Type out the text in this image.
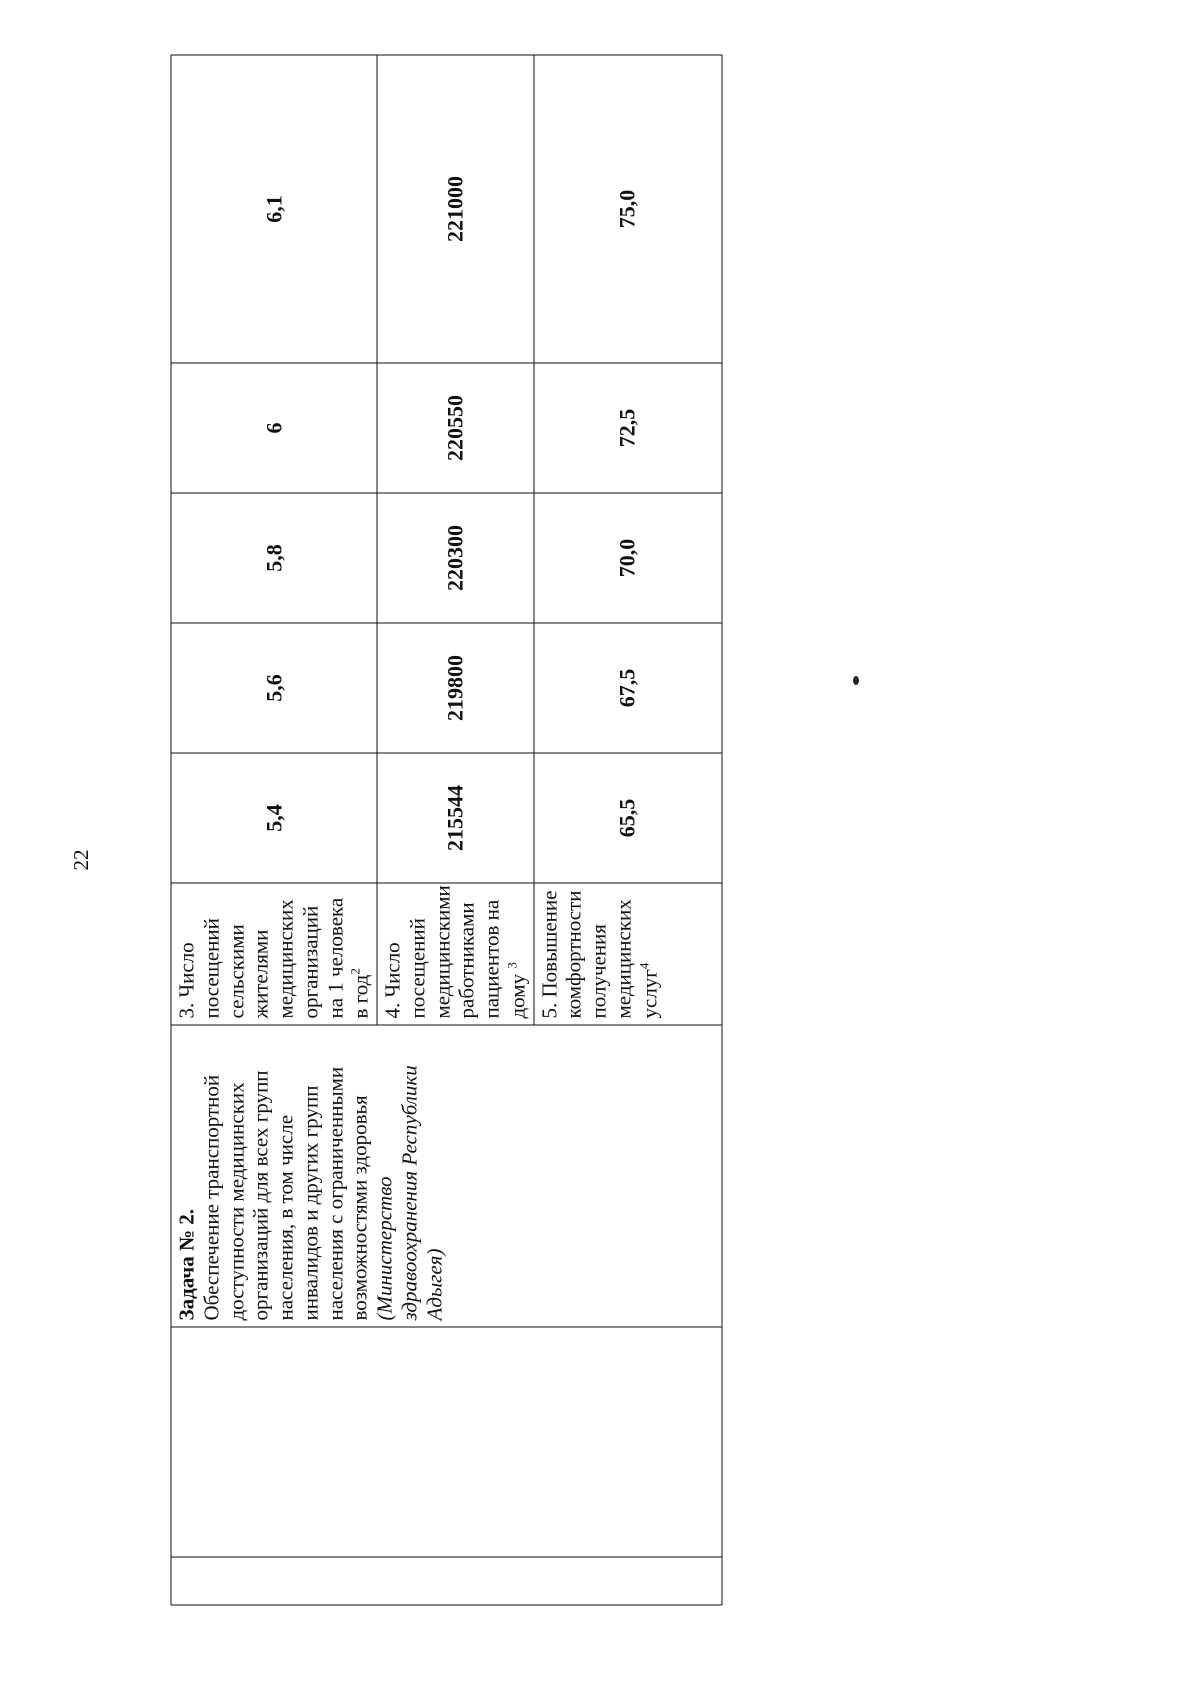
22

		Задача № 2. Обеспечение транспортной доступности медицинских организаций для всех групп населения, в том числе инвалидов и других групп населения с ограниченными возможностями здоровья (Министерство здравоохранения Республики Адыгея)	3. Число посещений сельскими жителями медицинских организаций на 1 человека в год$^2$	5,4	5,6	5,8	6	6,1
			4. Число посещений медицинскими работниками пациентов на дому $^3$	215544	219800	220300	220550	221000
			5. Повышение комфортности получения медицинских услуг$^4$	65,5	67,5	70,0	72,5	75,0
